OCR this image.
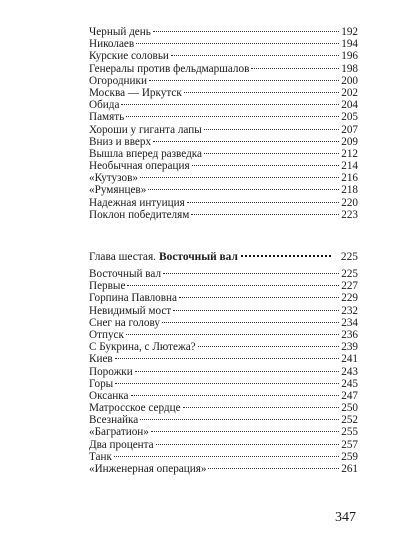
Черный день	192
Николаев	194
Курские соловьи	196
Генералы против фельдмаршалов	198
Огородники	200
Москва — Иркутск	202
Обида	204
Память	205
Хороши у гиганта лапы	207
Вниз и вверх	209
Вышла вперед разведка	212
Необычная операция	214
«Кутузов»	216
«Румянцев»	218
Надежная интуиция	220
Поклон победителям	223
Глава шестая. Восточный вал	225
Восточный вал	225
Первые	227
Горпина Павловна	229
Невидимый мост	232
Снег на голову	234
Отпуск	236
С Букрина, с Лютежа?	239
Киев	241
Порожки	243
Горы	245
Оксанка	247
Матросское сердце	250
Всезнайка	252
«Багратион»	255
Два процента	257
Танк	259
«Инженерная операция»	261
347
